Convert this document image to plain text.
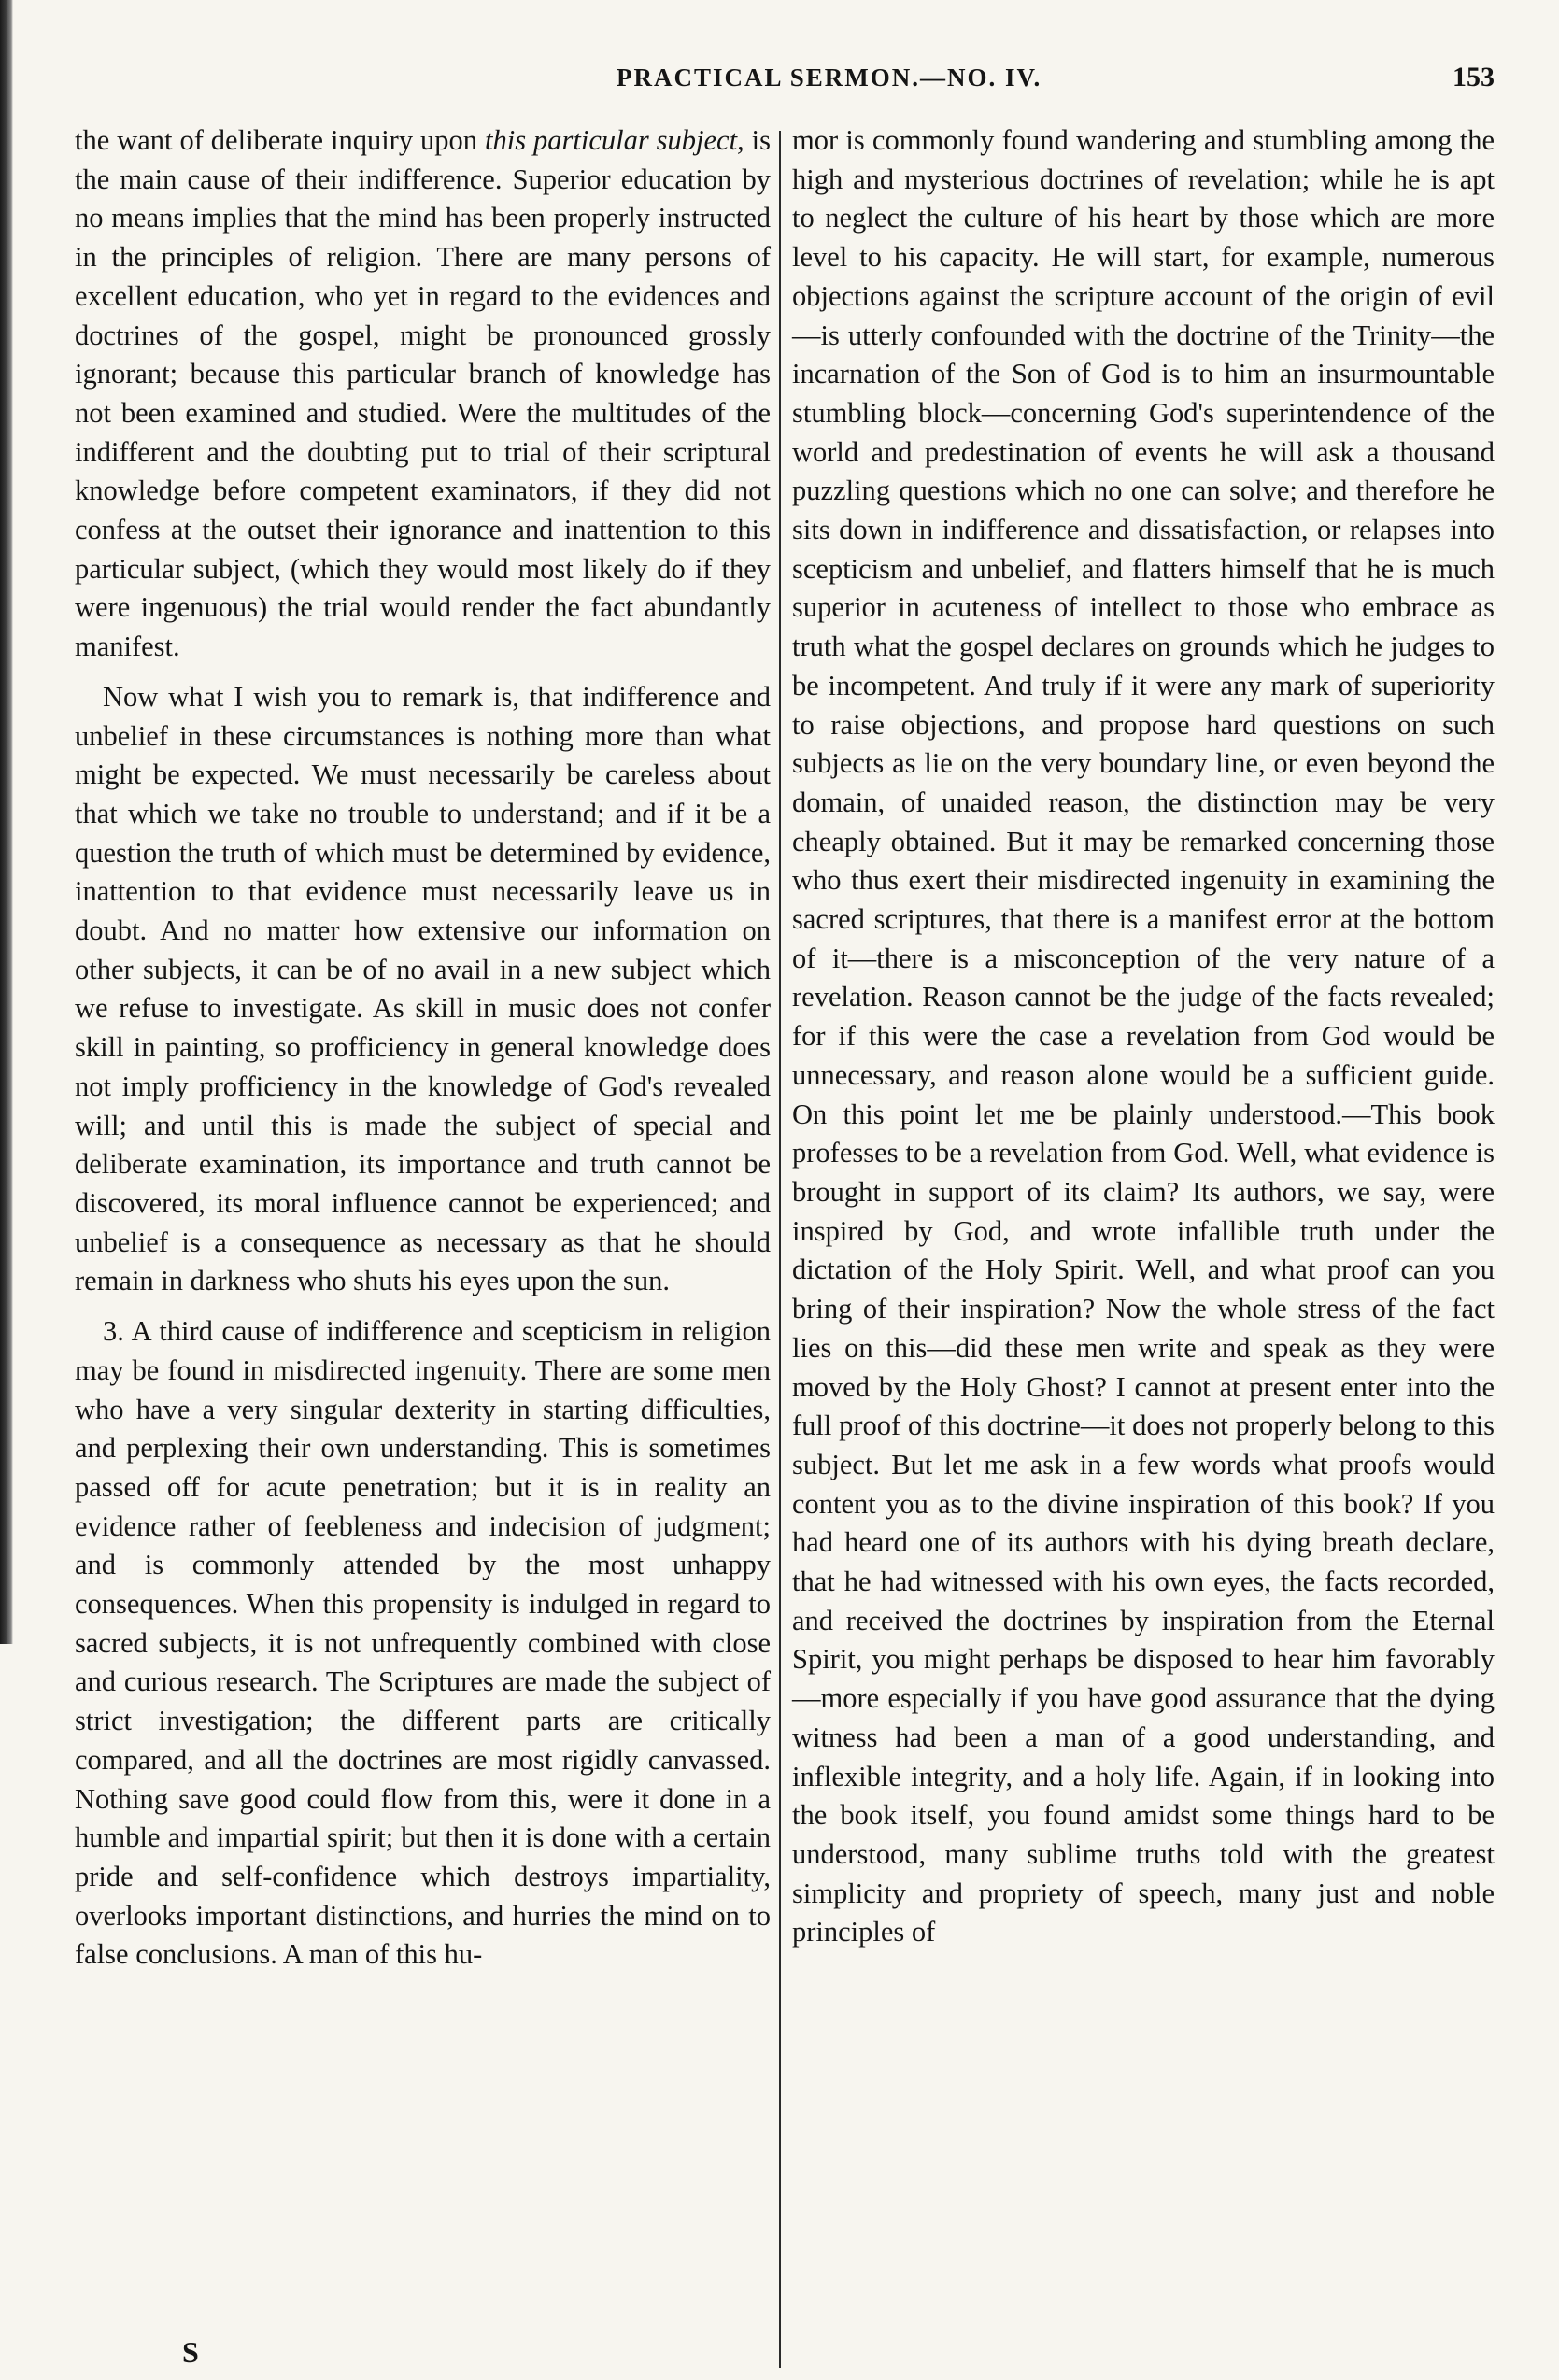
PRACTICAL SERMON.—NO. IV.	153

the want of deliberate inquiry upon this particular subject, is the main cause of their indifference. Superior education by no means implies that the mind has been properly instructed in the principles of religion. There are many persons of excellent education, who yet in regard to the evidences and doctrines of the gospel, might be pronounced grossly ignorant; because this particular branch of knowledge has not been examined and studied. Were the multitudes of the indifferent and the doubting put to trial of their scriptural knowledge before competent examinators, if they did not confess at the outset their ignorance and inattention to this particular subject, (which they would most likely do if they were ingenuous) the trial would render the fact abundantly manifest.

Now what I wish you to remark is, that indifference and unbelief in these circumstances is nothing more than what might be expected. We must necessarily be careless about that which we take no trouble to understand; and if it be a question the truth of which must be determined by evidence, inattention to that evidence must necessarily leave us in doubt. And no matter how extensive our information on other subjects, it can be of no avail in a new subject which we refuse to investigate. As skill in music does not confer skill in painting, so profficiency in general knowledge does not imply profficiency in the knowledge of God's revealed will; and until this is made the subject of special and deliberate examination, its importance and truth cannot be discovered, its moral influence cannot be experienced; and unbelief is a consequence as necessary as that he should remain in darkness who shuts his eyes upon the sun.

3. A third cause of indifference and scepticism in religion may be found in misdirected ingenuity. There are some men who have a very singular dexterity in starting difficulties, and perplexing their own understanding. This is sometimes passed off for acute penetration; but it is in reality an evidence rather of feebleness and indecision of judgment; and is commonly attended by the most unhappy consequences. When this propensity is indulged in regard to sacred subjects, it is not unfrequently combined with close and curious research. The Scriptures are made the subject of strict investigation; the different parts are critically compared, and all the doctrines are most rigidly canvassed. Nothing save good could flow from this, were it done in a humble and impartial spirit; but then it is done with a certain pride and self-confidence which destroys impartiality, overlooks important distinctions, and hurries the mind on to false conclusions. A man of this hu-

mor is commonly found wandering and stumbling among the high and mysterious doctrines of revelation; while he is apt to neglect the culture of his heart by those which are more level to his capacity. He will start, for example, numerous objections against the scripture account of the origin of evil—is utterly confounded with the doctrine of the Trinity—the incarnation of the Son of God is to him an insurmountable stumbling block—concerning God's superintendence of the world and predestination of events he will ask a thousand puzzling questions which no one can solve; and therefore he sits down in indifference and dissatisfaction, or relapses into scepticism and unbelief, and flatters himself that he is much superior in acuteness of intellect to those who embrace as truth what the gospel declares on grounds which he judges to be incompetent. And truly if it were any mark of superiority to raise objections, and propose hard questions on such subjects as lie on the very boundary line, or even beyond the domain, of unaided reason, the distinction may be very cheaply obtained. But it may be remarked concerning those who thus exert their misdirected ingenuity in examining the sacred scriptures, that there is a manifest error at the bottom of it—there is a misconception of the very nature of a revelation. Reason cannot be the judge of the facts revealed; for if this were the case a revelation from God would be unnecessary, and reason alone would be a sufficient guide. On this point let me be plainly understood.—This book professes to be a revelation from God. Well, what evidence is brought in support of its claim? Its authors, we say, were inspired by God, and wrote infallible truth under the dictation of the Holy Spirit. Well, and what proof can you bring of their inspiration? Now the whole stress of the fact lies on this—did these men write and speak as they were moved by the Holy Ghost? I cannot at present enter into the full proof of this doctrine—it does not properly belong to this subject. But let me ask in a few words what proofs would content you as to the divine inspiration of this book? If you had heard one of its authors with his dying breath declare, that he had witnessed with his own eyes, the facts recorded, and received the doctrines by inspiration from the Eternal Spirit, you might perhaps be disposed to hear him favorably—more especially if you have good assurance that the dying witness had been a man of a good understanding, and inflexible integrity, and a holy life. Again, if in looking into the book itself, you found amidst some things hard to be understood, many sublime truths told with the greatest simplicity and propriety of speech, many just and noble principles of

S
